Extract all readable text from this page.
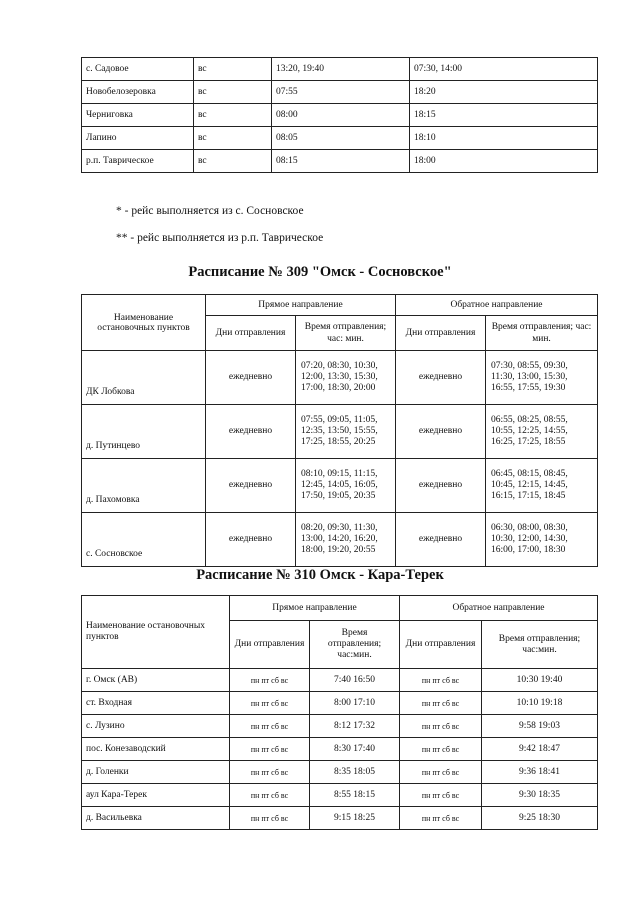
с. Садовое	вс	13:20, 19:40	07:30, 14:00
Новобелозеровка	вс	07:55	18:20
Черниговка	вс	08:00	18:15
Лапино	вс	08:05	18:10
р.п. Таврическое	вс	08:15	18:00
* - рейс выполняется из с. Сосновское
** - рейс выполняется из р.п. Таврическое
Расписание № 309 "Омск - Сосновское"
Наименование остановочных пунктов	Прямое направление		Обратное направление	
	Дни отправления	Время отправления; час: мин.	Дни отправления	Время отправления; час: мин.
ДК Лобкова	ежедневно	07:20, 08:30, 10:30, 12:00, 13:30, 15:30, 17:00, 18:30, 20:00	ежедневно	07:30, 08:55, 09:30, 11:30, 13:00, 15:30, 16:55, 17:55, 19:30
д. Путинцево	ежедневно	07:55, 09:05, 11:05, 12:35, 13:50, 15:55, 17:25, 18:55, 20:25	ежедневно	06:55, 08:25, 08:55, 10:55, 12:25, 14:55, 16:25, 17:25, 18:55
д. Пахомовка	ежедневно	08:10, 09:15, 11:15, 12:45, 14:05, 16:05, 17:50, 19:05, 20:35	ежедневно	06:45, 08:15, 08:45, 10:45, 12:15, 14:45, 16:15, 17:15, 18:45
с. Сосновское	ежедневно	08:20, 09:30, 11:30, 13:00, 14:20, 16:20, 18:00, 19:20, 20:55	ежедневно	06:30, 08:00, 08:30, 10:30, 12:00, 14:30, 16:00, 17:00, 18:30
Расписание № 310 Омск - Кара-Терек
Наименование остановочных пунктов	Прямое направление		Обратное направление	
	Дни отправления	Время отправления; час:мин.	Дни отправления	Время отправления; час:мин.
г. Омск (АВ)	пн пт сб вс	7:40 16:50	пн пт сб вс	10:30 19:40
ст. Входная	пн пт сб вс	8:00 17:10	пн пт сб вс	10:10 19:18
с. Лузино	пн пт сб вс	8:12 17:32	пн пт сб вс	9:58 19:03
пос. Конезаводский	пн пт сб вс	8:30 17:40	пн пт сб вс	9:42 18:47
д. Голенки	пн пт сб вс	8:35 18:05	пн пт сб вс	9:36 18:41
аул Кара-Терек	пн пт сб вс	8:55 18:15	пн пт сб вс	9:30 18:35
д. Васильевка	пн пт сб вс	9:15 18:25	пн пт сб вс	9:25 18:30
